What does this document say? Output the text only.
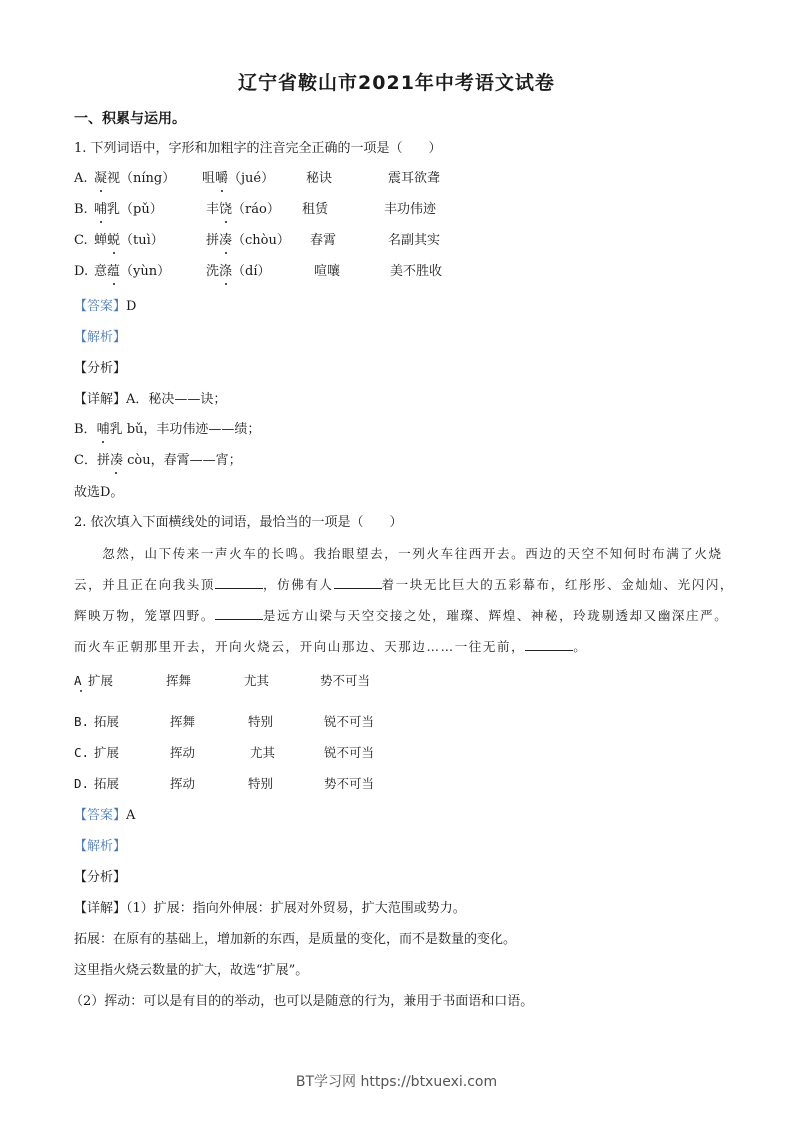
辽宁省鞍山市2021年中考语文试卷
一、积累与运用。
1. 下列词语中，字形和加粗字的注音完全正确的一项是（　　）
A. 凝视（níng） 咀嚼（jué） 秘诀	震耳欲聋
B. 哺乳（pǔ）	丰饶（ráo） 租赁	丰功伟迹
C. 蝉蜕（tuì）	拼凑（chòu） 春霄	名副其实
D. 意蕴（yùn）	洗涤（dí）	喧嚷	美不胜收
【答案】D
【解析】
【分析】
【详解】A．秘决——诀；
B．哺乳 bǔ，丰功伟迹——绩；
C．拼凑 còu，春霄——宵；
故选D。
2. 依次填入下面横线处的词语，最恰当的一项是（　　）
　　忽然，山下传来一声火车的长鸣。我抬眼望去，一列火车往西开去。西边的天空不知何时布满了火烧
云，并且正在向我头顶	，仿佛有人	着一块无比巨大的五彩幕布，红彤彤、金灿灿、光闪闪，
辉映万物，笼罩四野。	是远方山梁与天空交接之处，璀璨、辉煌、神秘，玲珑剔透却又幽深庄严。
而火车正朝那里开去，开向火烧云，开向山那边、天那边……一往无前，	。
A 扩展	挥舞	尤其	势不可当
B. 拓展	挥舞	特别	锐不可当
C. 扩展	挥动	尤其	锐不可当
D. 拓展	挥动	特别	势不可当
【答案】A
【解析】
【分析】
【详解】（1）扩展：指向外伸展：扩展对外贸易，扩大范围或势力。
拓展：在原有的基础上，增加新的东西，是质量的变化，而不是数量的变化。
这里指火烧云数量的扩大，故选“扩展”。
（2）挥动：可以是有目的的举动，也可以是随意的行为，兼用于书面语和口语。
BT学习网 https://btxuexi.com
